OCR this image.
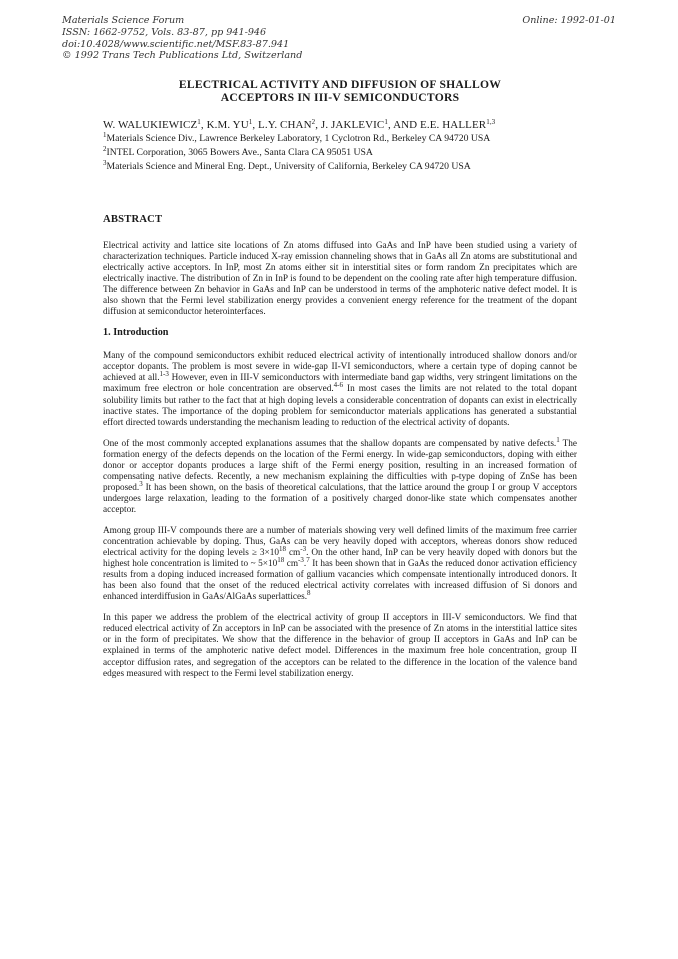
Materials Science Forum
ISSN: 1662-9752, Vols. 83-87, pp 941-946
doi:10.4028/www.scientific.net/MSF.83-87.941
© 1992 Trans Tech Publications Ltd, Switzerland
Online: 1992-01-01
ELECTRICAL ACTIVITY AND DIFFUSION OF SHALLOW
ACCEPTORS IN III-V SEMICONDUCTORS

W. WALUKIEWICZ$^1$, K.M. $YU^1$, L.Y. CHAN$^2$, J. JAKLEVIC$^1$, AND E.E. HALLER$^{1,3}$

$^1$Materials Science Div., Lawrence Berkeley Laboratory, 1 Cyclotron Rd., Berkeley CA 94720 USA

$^2$INTEL Corporation, 3065 Bowers Ave., Santa Clara CA 95051 USA

$^3$Materials Science and Mineral Eng. Dept., University of California, Berkeley CA 94720 USA

ABSTRACT

Electrical activity and lattice site locations of Zn atoms diffused into GaAs and InP have been studied using a variety of characterization techniques. Particle induced X-ray emission channeling shows that in GaAs all Zn atoms are substitutional and electrically active acceptors. In InP, most Zn atoms either sit in interstitial sites or form random Zn precipitates which are electrically inactive. The distribution of Zn in InP is found to be dependent on the cooling rate after high temperature diffusion. The difference between Zn behavior in GaAs and InP can be understood in terms of the amphoteric native defect model. It is also shown that the Fermi level stabilization energy provides a convenient energy reference for the treatment of the dopant diffusion at semiconductor heterointerfaces.

1. Introduction

Many of the compound semiconductors exhibit reduced electrical activity of intentionally introduced shallow donors and/or acceptor dopants. The problem is most severe in wide-gap II-VI semiconductors, where a certain type of doping cannot be achieved at all.$^{1-3}$ However, even in III-V semiconductors with intermediate band gap widths, very stringent limitations on the maximum free electron or hole concentration are observed.$^{4-6}$ In most cases the limits are not related to the total dopant solubility limits but rather to the fact that at high doping levels a considerable concentration of dopants can exist in electrically inactive states. The importance of the doping problem for semiconductor materials applications has generated a substantial effort directed towards understanding the mechanism leading to reduction of the electrical activity of dopants.

One of the most commonly accepted explanations assumes that the shallow dopants are compensated by native defects.$^1$ The formation energy of the defects depends on the location of the Fermi energy. In wide-gap semiconductors, doping with either donor or acceptor dopants produces a large shift of the Fermi energy position, resulting in an increased formation of compensating native defects. Recently, a new mechanism explaining the difficulties with p-type doping of ZnSe has been proposed.$^3$ It has been shown, on the basis of theoretical calculations, that the lattice around the group I or group V acceptors undergoes large relaxation, leading to the formation of a positively charged donor-like state which compensates another acceptor.

Among group III-V compounds there are a number of materials showing very well defined limits of the maximum free carrier concentration achievable by doping. Thus, GaAs can be very heavily doped with acceptors, whereas donors show reduced electrical activity for the doping levels ≥ $3\times 10^{18}$ $cm^{-3}$. On the other hand, InP can be very heavily doped with donors but the highest hole concentration is limited to ~ $5\times 10^{18}$ $cm^{-3}.^7$ It has been shown that in GaAs the reduced donor activation efficiency results from a doping induced increased formation of gallium vacancies which compensate intentionally introduced donors. It has been also found that the onset of the reduced electrical activity correlates with increased diffusion of Si donors and enhanced interdiffusion in GaAs/AlGaAs superlattices.$^8$

In this paper we address the problem of the electrical activity of group II acceptors in III-V semiconductors. We find that reduced electrical activity of Zn acceptors in InP can be associated with the presence of Zn atoms in the interstitial lattice sites or in the form of precipitates. We show that the difference in the behavior of group II acceptors in GaAs and InP can be explained in terms of the amphoteric native defect model. Differences in the maximum free hole concentration, group II acceptor diffusion rates, and segregation of the acceptors can be related to the difference in the location of the valence band edges measured with respect to the Fermi level stabilization energy.
